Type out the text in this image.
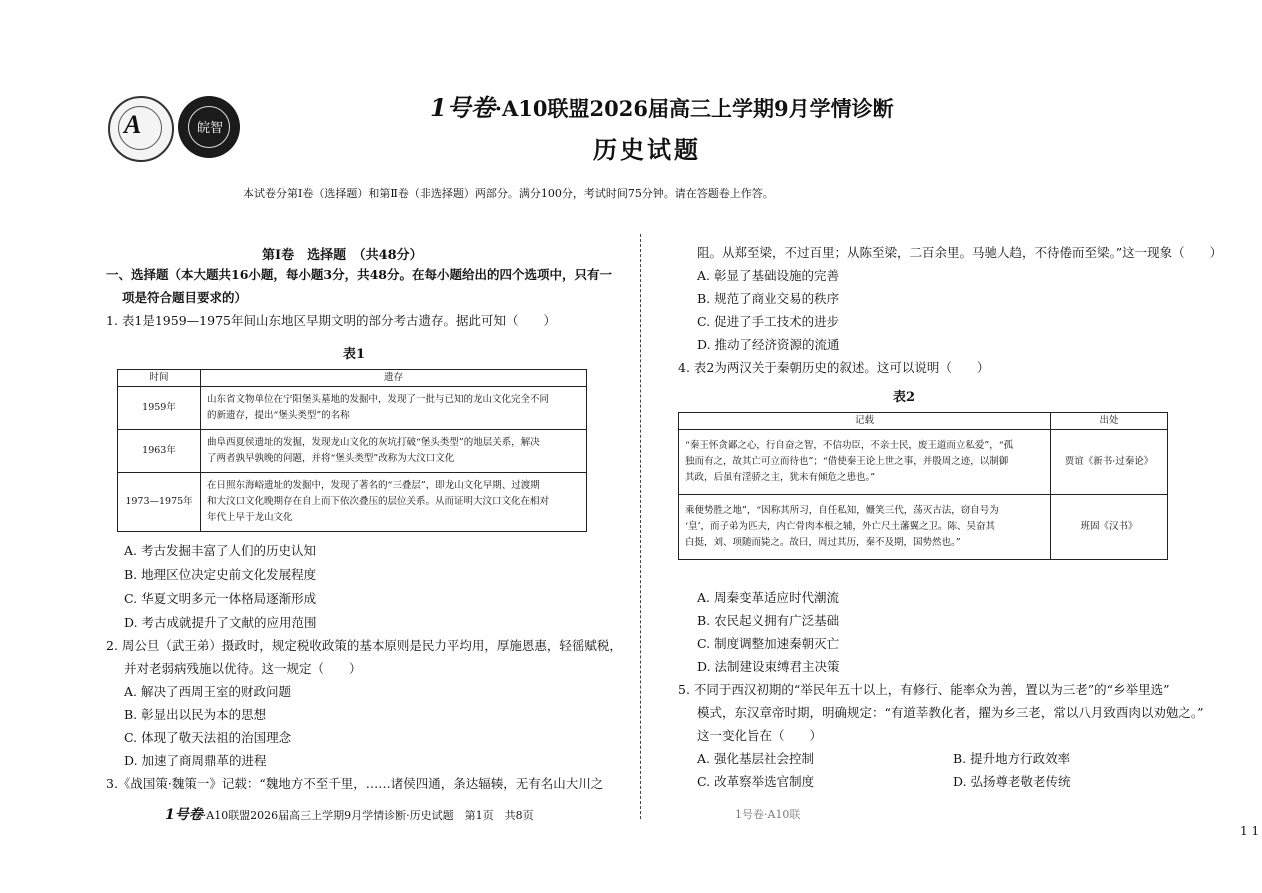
A	皖智
1号卷·A10联盟2026届高三上学期9月学情诊断
历史试题
本试卷分第Ⅰ卷（选择题）和第Ⅱ卷（非选择题）两部分。满分100分，考试时间75分钟。请在答题卷上作答。
第Ⅰ卷　选择题　（共48分）
一、选择题（本大题共16小题，每小题3分，共48分。在每小题给出的四个选项中，只有一
项是符合题目要求的）
1. 表1是1959—1975年间山东地区早期文明的部分考古遗存。据此可知（　　）
表1
时间	遗存
1959年	山东省文物单位在宁阳堡头墓地的发掘中，发现了一批与已知的龙山文化完全不同
的新遗存，提出“堡头类型”的名称

1963年	曲阜西夏侯遗址的发掘，发现龙山文化的灰坑打破“堡头类型”的地层关系，解决
了两者孰早孰晚的问题，并将“堡头类型”改称为大汶口文化

1973—1975年	在日照东海峪遗址的发掘中，发现了著名的“三叠层”，即龙山文化早期、过渡期
和大汶口文化晚期存在自上而下依次叠压的层位关系。从而证明大汶口文化在相对
年代上早于龙山文化
A. 考古发掘丰富了人们的历史认知
B. 地理区位决定史前文化发展程度
C. 华夏文明多元一体格局逐渐形成
D. 考古成就提升了文献的应用范围
2. 周公旦（武王弟）摄政时，规定税收政策的基本原则是民力平均用，厚施恩惠，轻徭赋税，
并对老弱病残施以优待。这一规定（　　）
A. 解决了西周王室的财政问题
B. 彰显出以民为本的思想
C. 体现了敬天法祖的治国理念
D. 加速了商周鼎革的进程
3.《战国策·魏策一》记载：“魏地方不至千里，……诸侯四通，条达辐辏，无有名山大川之
阻。从郑至梁，不过百里；从陈至梁，二百余里。马驰人趋，不待倦而至梁。”这一现象（　　）
A. 彰显了基础设施的完善
B. 规范了商业交易的秩序
C. 促进了手工技术的进步
D. 推动了经济资源的流通
4. 表2为两汉关于秦朝历史的叙述。这可以说明（　　）
表2
记载	出处

“秦王怀贪鄙之心，行自奋之智，不信功臣，不亲士民，废王道而立私爱”，“孤
独而有之，故其亡可立而待也”；“借使秦王论上世之事，并殷周之迹，以制御
其政，后虽有淫骄之主，犹未有倾危之患也。”	贾谊《新书·过秦论》

乘便势胜之地”，“因称其所习，自任私知，姗笑三代，荡灭古法，窃自号为
‘皇’，而子弟为匹夫，内亡骨肉本根之辅，外亡尺土藩翼之卫。陈、吴奋其
白挺，刘、项随而毙之。故曰，周过其历，秦不及期，国势然也。”	班固《汉书》
A. 周秦变革适应时代潮流
B. 农民起义拥有广泛基础
C. 制度调整加速秦朝灭亡
D. 法制建设束缚君主决策
5. 不同于西汉初期的“举民年五十以上，有修行、能率众为善，置以为三老”的“乡举里选”
模式，东汉章帝时期，明确规定：“有道莘教化者，擢为乡三老，常以八月致酉肉以劝勉之。”
这一变化旨在（　　）
A. 强化基层社会控制	B. 提升地方行政效率
C. 改革察举选官制度	D. 弘扬尊老敬老传统
1号卷·A10联盟2026届高三上学期9月学情诊断·历史试题　第1页　共8页	1号卷·A10联
1 1
